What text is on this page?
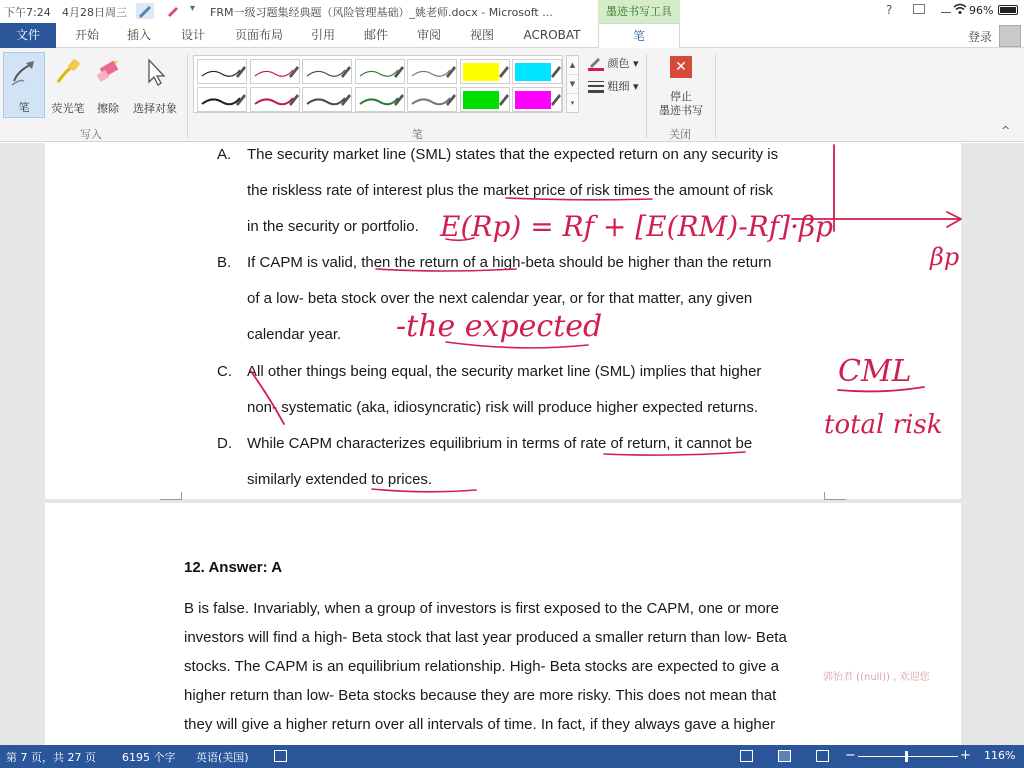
下午7:24 4月28日周三	▾	FRM一级习题集经典题（风险管理基础）_姚老师.docx - Microsoft ...	墨迹书写工具	?	96%
文件	开始	插入	设计	页面布局	引用	邮件	审阅	视图	ACROBAT	笔	登录
笔	荧光笔	擦除	选择对象
写入
▲
▼
▾
笔
颜色 ▾
粗细 ▾
✕
停止
墨迹书写
关闭	^
A. The security market line (SML) states that the expected return on any security is
the riskless rate of interest plus the market price of risk times the amount of risk
in the security or portfolio.
B. If CAPM is valid, then the return of a high-beta should be higher than the return
of a low- beta stock over the next calendar year, or for that matter, any given
calendar year.
C. All other things being equal, the security market line (SML) implies that higher
non- systematic (aka, idiosyncratic) risk will produce higher expected returns.
D. While CAPM characterizes equilibrium in terms of rate of return, it cannot be
similarly extended to prices.
12. Answer: A
B is false. Invariably, when a group of investors is first exposed to the CAPM, one or more
investors will find a high- Beta stock that last year produced a smaller return than low- Beta
stocks. The CAPM is an equilibrium relationship. High- Beta stocks are expected to give a
higher return than low- Beta stocks because they are more risky. This does not mean that
they will give a higher return over all intervals of time. In fact, if they always gave a higher
郭怡君 ((null)) , 欢迎您
E(Rp) = Rf + [E(RM)-Rf]·βp
βp
-the expected
CML
total risk
第 7 页，共 27 页 6195 个字 英语(美国)	−	+ 116%
